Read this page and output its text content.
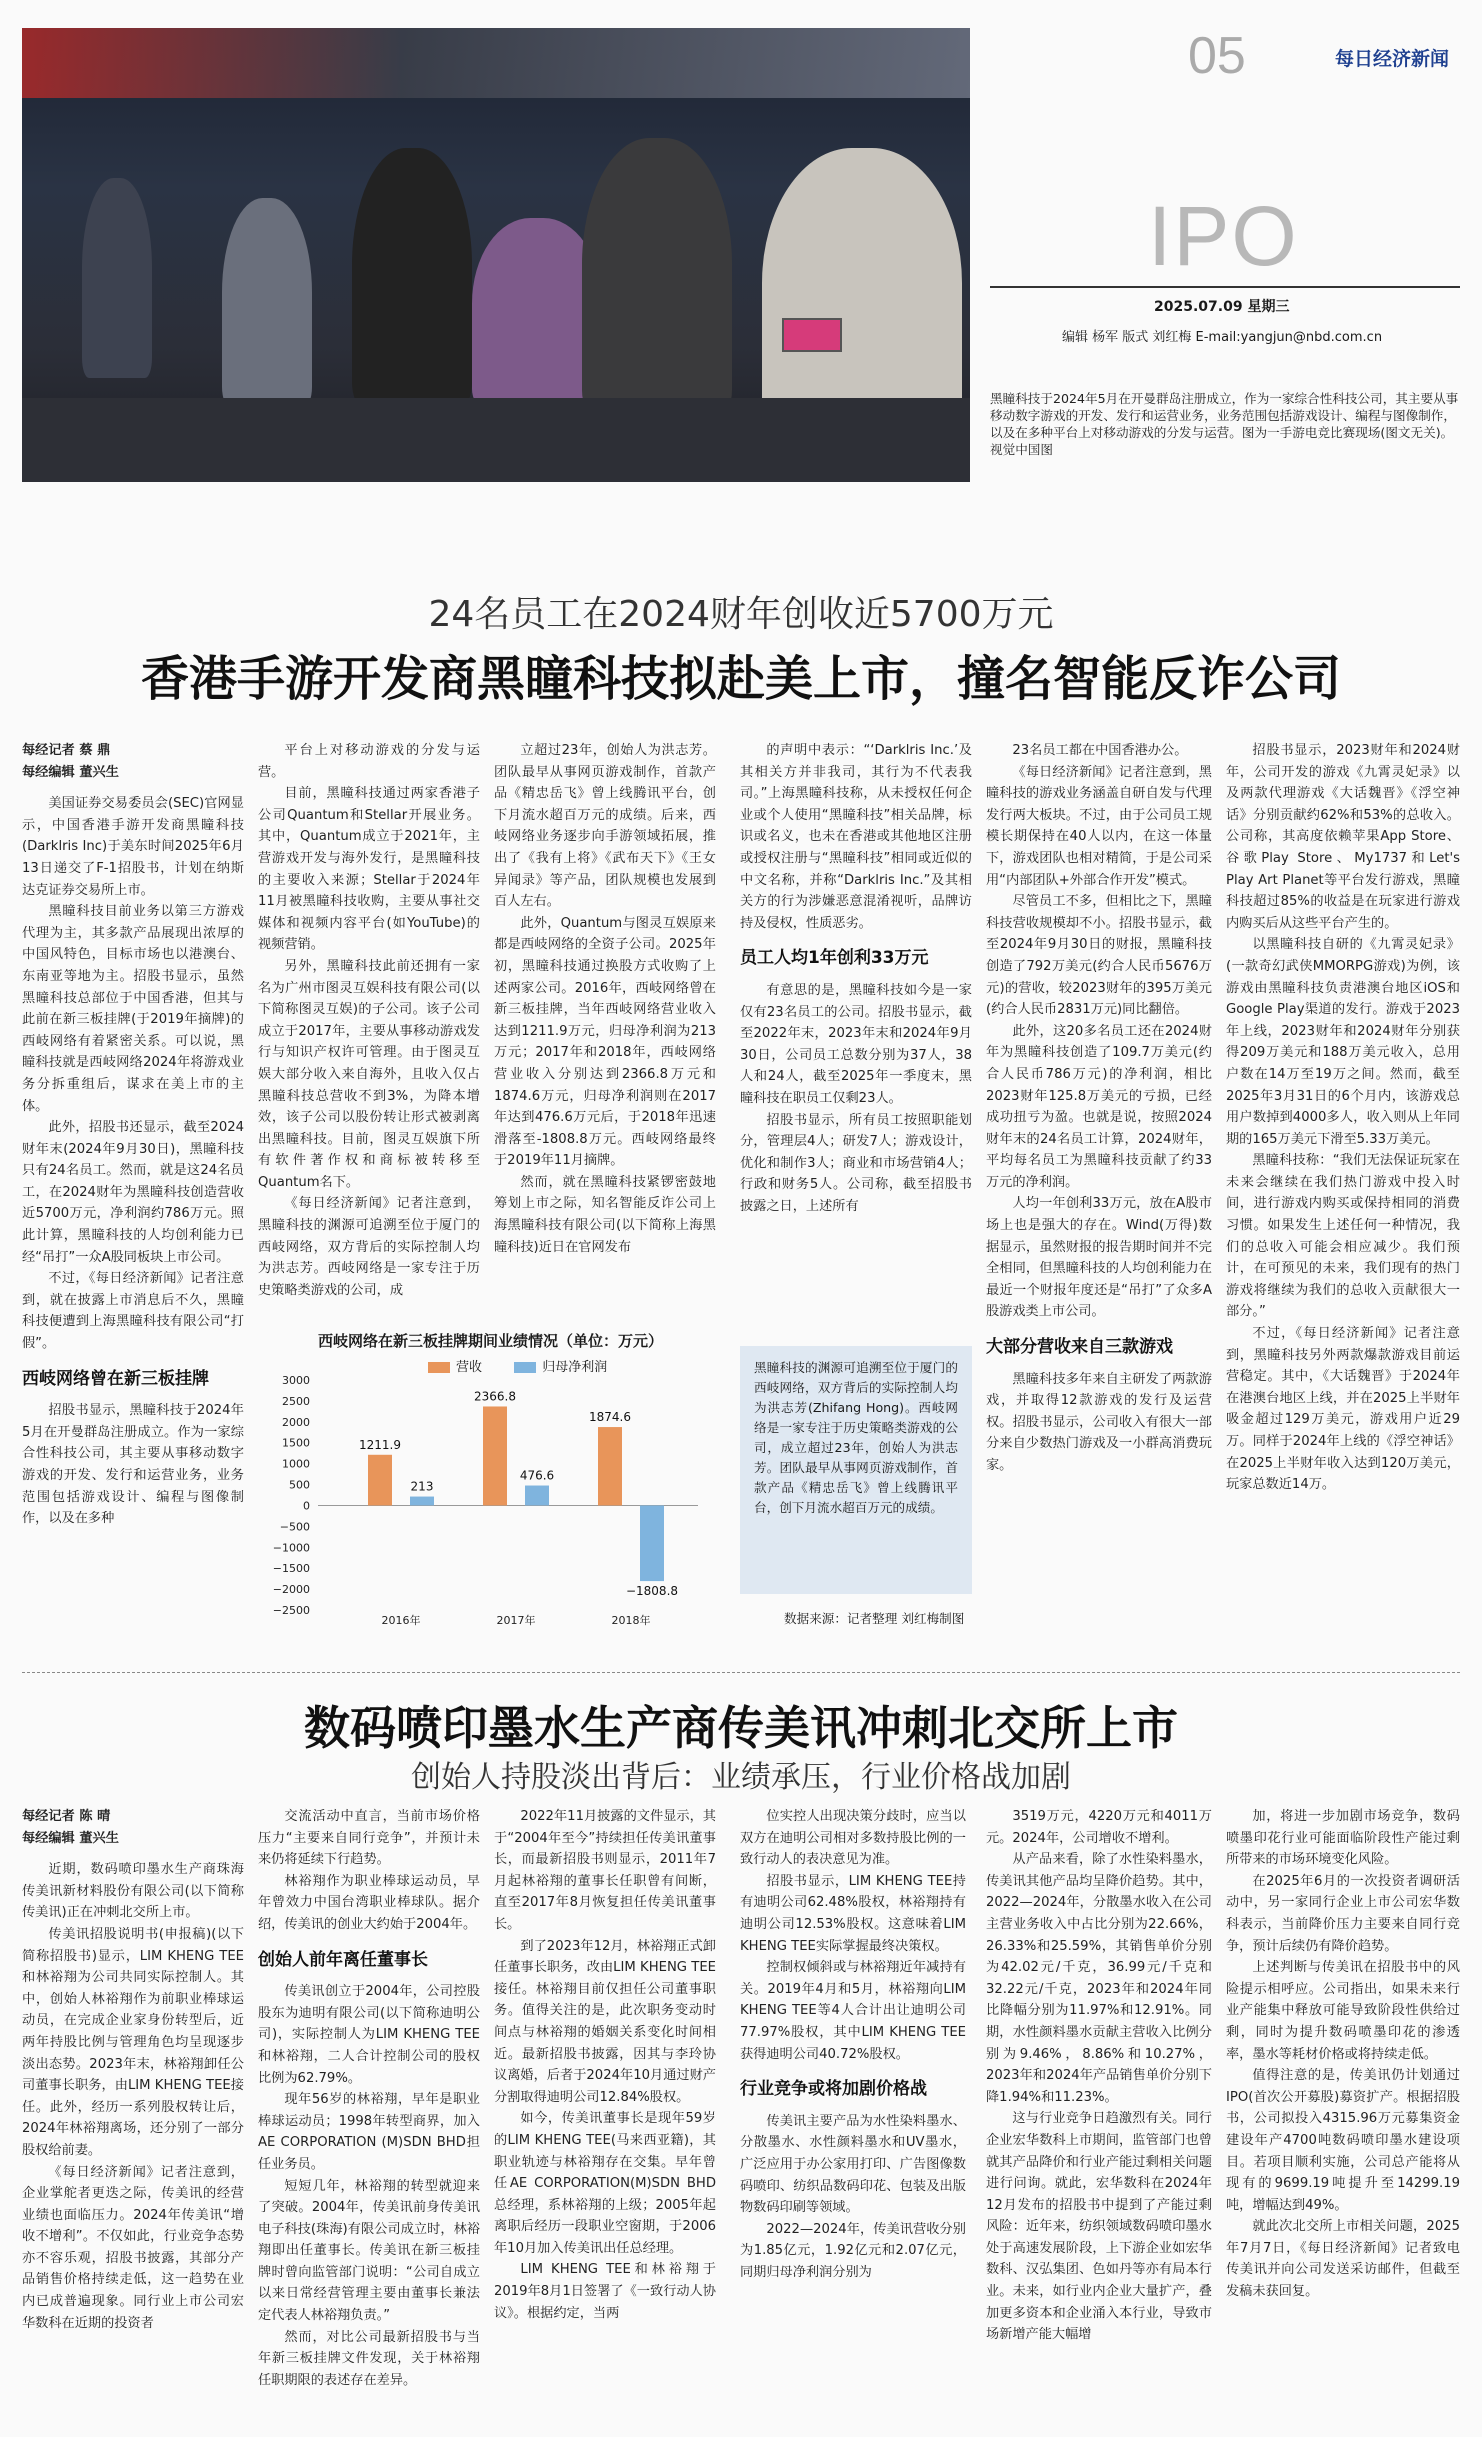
05	每日经济新闻
IPO
2025.07.09 星期三
编辑 杨军 版式 刘红梅 E-mail:yangjun@nbd.com.cn
黑瞳科技于2024年5月在开曼群岛注册成立，作为一家综合性科技公司，其主要从事移动数字游戏的开发、发行和运营业务，业务范围包括游戏设计、编程与图像制作，以及在多种平台上对移动游戏的分发与运营。图为一手游电竞比赛现场(图文无关)。 视觉中国图
24名员工在2024财年创收近5700万元
香港手游开发商黑瞳科技拟赴美上市，撞名智能反诈公司

每经记者 蔡 鼎

每经编辑 董兴生

美国证券交易委员会(SEC)官网显示，中国香港手游开发商黑瞳科技(Darklris Inc)于美东时间2025年6月13日递交了F-1招股书，计划在纳斯达克证券交易所上市。

黑瞳科技目前业务以第三方游戏代理为主，其多款产品展现出浓厚的中国风特色，目标市场也以港澳台、东南亚等地为主。招股书显示，虽然黑瞳科技总部位于中国香港，但其与此前在新三板挂牌(于2019年摘牌)的西岐网络有着紧密关系。可以说，黑瞳科技就是西岐网络2024年将游戏业务分拆重组后，谋求在美上市的主体。

此外，招股书还显示，截至2024财年末(2024年9月30日)，黑瞳科技只有24名员工。然而，就是这24名员工，在2024财年为黑瞳科技创造营收近5700万元，净利润约786万元。照此计算，黑瞳科技的人均创利能力已经“吊打”一众A股同板块上市公司。

不过，《每日经济新闻》记者注意到，就在披露上市消息后不久，黑瞳科技便遭到上海黑瞳科技有限公司“打假”。

西岐网络曾在新三板挂牌

招股书显示，黑瞳科技于2024年5月在开曼群岛注册成立。作为一家综合性科技公司，其主要从事移动数字游戏的开发、发行和运营业务，业务范围包括游戏设计、编程与图像制作，以及在多种

平台上对移动游戏的分发与运营。

目前，黑瞳科技通过两家香港子公司Quantum和Stellar开展业务。其中，Quantum成立于2021年，主营游戏开发与海外发行，是黑瞳科技的主要收入来源；Stellar于2024年11月被黑瞳科技收购，主要从事社交媒体和视频内容平台(如YouTube)的视频营销。

另外，黑瞳科技此前还拥有一家名为广州市图灵互娱科技有限公司(以下简称图灵互娱)的子公司。该子公司成立于2017年，主要从事移动游戏发行与知识产权许可管理。由于图灵互娱大部分收入来自海外，且收入仅占黑瞳科技总营收不到3%，为降本增效，该子公司以股份转让形式被剥离出黑瞳科技。目前，图灵互娱旗下所有软件著作权和商标被转移至Quantum名下。

《每日经济新闻》记者注意到，黑瞳科技的渊源可追溯至位于厦门的西岐网络，双方背后的实际控制人均为洪志芳。西岐网络是一家专注于历史策略类游戏的公司，成

立超过23年，创始人为洪志芳。团队最早从事网页游戏制作，首款产品《精忠岳飞》曾上线腾讯平台，创下月流水超百万元的成绩。后来，西岐网络业务逐步向手游领域拓展，推出了《我有上将》《武布天下》《王女异闻录》等产品，团队规模也发展到百人左右。

此外，Quantum与图灵互娱原来都是西岐网络的全资子公司。2025年初，黑瞳科技通过换股方式收购了上述两家公司。2016年，西岐网络曾在新三板挂牌，当年西岐网络营业收入达到1211.9万元，归母净利润为213万元；2017年和2018年，西岐网络营业收入分别达到2366.8万元和1874.6万元，归母净利润则在2017年达到476.6万元后，于2018年迅速滑落至-1808.8万元。西岐网络最终于2019年11月摘牌。

然而，就在黑瞳科技紧锣密鼓地筹划上市之际，知名智能反诈公司上海黑瞳科技有限公司(以下简称上海黑瞳科技)近日在官网发布

的声明中表示：“‘Darklris Inc.’及其相关方并非我司，其行为不代表我司。”上海黑瞳科技称，从未授权任何企业或个人使用“黑瞳科技”相关品牌，标识或名义，也未在香港或其他地区注册或授权注册与“黑瞳科技”相同或近似的中文名称，并称“Darklris Inc.”及其相关方的行为涉嫌恶意混淆视听，品牌访持及侵权，性质恶劣。

员工人均1年创利33万元

有意思的是，黑瞳科技如今是一家仅有23名员工的公司。招股书显示，截至2022年末，2023年末和2024年9月30日，公司员工总数分别为37人，38人和24人，截至2025年一季度末，黑瞳科技在职员工仅剩23人。

招股书显示，所有员工按照职能划分，管理层4人；研发7人；游戏设计，优化和制作3人；商业和市场营销4人；行政和财务5人。公司称，截至招股书披露之日，上述所有

23名员工都在中国香港办公。

《每日经济新闻》记者注意到，黑瞳科技的游戏业务涵盖自研自发与代理发行两大板块。不过，由于公司员工规模长期保持在40人以内，在这一体量下，游戏团队也相对精简，于是公司采用“内部团队+外部合作开发”模式。

尽管员工不多，但相比之下，黑瞳科技营收规模却不小。招股书显示，截至2024年9月30日的财报，黑瞳科技创造了792万美元(约合人民币5676万元)的营收，较2023财年的395万美元(约合人民币2831万元)同比翻倍。

此外，这20多名员工还在2024财年为黑瞳科技创造了109.7万美元(约合人民币786万元)的净利润，相比2023财年125.8万美元的亏损，已经成功扭亏为盈。也就是说，按照2024财年末的24名员工计算，2024财年，平均每名员工为黑瞳科技贡献了约33万元的净利润。

人均一年创利33万元，放在A股市场上也是强大的存在。Wind(万得)数据显示，虽然财报的报告期时间并不完全相同，但黑瞳科技的人均创利能力在最近一个财报年度还是“吊打”了众多A股游戏类上市公司。

大部分营收来自三款游戏

黑瞳科技多年来自主研发了两款游戏，并取得12款游戏的发行及运营权。招股书显示，公司收入有很大一部分来自少数热门游戏及一小群高消费玩家。

招股书显示，2023财年和2024财年，公司开发的游戏《九霄灵妃录》以及两款代理游戏《大话魏晋》《浮空神话》分别贡献约62%和53%的总收入。公司称，其高度依赖苹果App Store、谷歌Play Store、My1737和Let's Play Art Planet等平台发行游戏，黑瞳科技超过85%的收益是在玩家进行游戏内购买后从这些平台产生的。

以黑瞳科技自研的《九霄灵妃录》(一款奇幻武侠MMORPG游戏)为例，该游戏由黑瞳科技负责港澳台地区iOS和Google Play渠道的发行。游戏于2023年上线，2023财年和2024财年分别获得209万美元和188万美元收入，总用户数在14万至19万之间。然而，截至2025年3月31日的6个月内，该游戏总用户数掉到4000多人，收入则从上年同期的165万美元下滑至5.33万美元。

黑瞳科技称：“我们无法保证玩家在未来会继续在我们热门游戏中投入时间，进行游戏内购买或保持相同的消费习惯。如果发生上述任何一种情况，我们的总收入可能会相应减少。我们预计，在可预见的未来，我们现有的热门游戏将继续为我们的总收入贡献很大一部分。”

不过，《每日经济新闻》记者注意到，黑瞳科技另外两款爆款游戏目前运营稳定。其中，《大话魏晋》于2024年在港澳台地区上线，并在2025上半财年吸金超过129万美元，游戏用户近29万。同样于2024年上线的《浮空神话》在2025上半财年收入达到120万美元，玩家总数近14万。

西岐网络在新三板挂牌期间业绩情况（单位：万元）
营收	归母净利润
3000
2500
2000
1500
1000
500
0
−500
−1000
−1500
−2000
−2500
1211.9
213
2016年
2366.8
476.6
2017年
1874.6
−1808.8
2018年
黑瞳科技的渊源可追溯至位于厦门的西岐网络，双方背后的实际控制人均为洪志芳(Zhifang Hong)。西岐网络是一家专注于历史策略类游戏的公司，成立超过23年，创始人为洪志芳。团队最早从事网页游戏制作，首款产品《精忠岳飞》曾上线腾讯平台，创下月流水超百万元的成绩。
数据来源：记者整理 刘红梅制图
数码喷印墨水生产商传美讯冲刺北交所上市
创始人持股淡出背后：业绩承压，行业价格战加剧

每经记者 陈 晴

每经编辑 董兴生

近期，数码喷印墨水生产商珠海传美讯新材料股份有限公司(以下简称传美讯)正在冲刺北交所上市。

传美讯招股说明书(申报稿)(以下简称招股书)显示，LIM KHENG TEE和林裕翔为公司共同实际控制人。其中，创始人林裕翔作为前职业棒球运动员，在完成企业家身份转型后，近两年持股比例与管理角色均呈现逐步淡出态势。2023年末，林裕翔卸任公司董事长职务，由LIM KHENG TEE接任。此外，经历一系列股权转让后，2024年林裕翔离场，还分别了一部分股权给前妻。

《每日经济新闻》记者注意到，企业掌舵者更迭之际，传美讯的经营业绩也面临压力。2024年传美讯“增收不增利”。不仅如此，行业竞争态势亦不容乐观，招股书披露，其部分产品销售价格持续走低，这一趋势在业内已成普遍现象。同行业上市公司宏华数科在近期的投资者

交流活动中直言，当前市场价格压力“主要来自同行竞争”，并预计未来仍将延续下行趋势。

林裕翔作为职业棒球运动员，早年曾效力中国台湾职业棒球队。据介绍，传美讯的创业大约始于2004年。

创始人前年离任董事长

传美讯创立于2004年，公司控股股东为迪明有限公司(以下简称迪明公司)，实际控制人为LIM KHENG TEE和林裕翔，二人合计控制公司的股权比例为62.79%。

现年56岁的林裕翔，早年是职业棒球运动员；1998年转型商界，加入AE CORPORATION (M)SDN BHD担任业务员。

短短几年，林裕翔的转型就迎来了突破。2004年，传美讯前身传美讯电子科技(珠海)有限公司成立时，林裕翔即出任董事长。传美讯在新三板挂牌时曾向监管部门说明：“公司自成立以来日常经营管理主要由董事长兼法定代表人林裕翔负责。”

然而，对比公司最新招股书与当年新三板挂牌文件发现，关于林裕翔任职期限的表述存在差异。

2022年11月披露的文件显示，其于“2004年至今”持续担任传美讯董事长，而最新招股书则显示，2011年7月起林裕翔的董事长任职曾有间断，直至2017年8月恢复担任传美讯董事长。

到了2023年12月，林裕翔正式卸任董事长职务，改由LIM KHENG TEE接任。林裕翔目前仅担任公司董事职务。值得关注的是，此次职务变动时间点与林裕翔的婚姻关系变化时间相近。最新招股书披露，因其与李玲协议离婚，后者于2024年10月通过财产分割取得迪明公司12.84%股权。

如今，传美讯董事长是现年59岁的LIM KHENG TEE(马来西亚籍)，其职业轨迹与林裕翔存在交集。早年曾任AE CORPORATION(M)SDN BHD总经理，系林裕翔的上级；2005年起离职后经历一段职业空窗期，于2006年10月加入传美讯出任总经理。

LIM KHENG TEE和林裕翔于2019年8月1日签署了《一致行动人协议》。根据约定，当两

位实控人出现决策分歧时，应当以双方在迪明公司相对多数持股比例的一致行动人的表决意见为准。

招股书显示，LIM KHENG TEE持有迪明公司62.48%股权，林裕翔持有迪明公司12.53%股权。这意味着LIM KHENG TEE实际掌握最终决策权。

控制权倾斜或与林裕翔近年减持有关。2019年4月和5月，林裕翔向LIM KHENG TEE等4人合计出让迪明公司77.97%股权，其中LIM KHENG TEE获得迪明公司40.72%股权。

行业竞争或将加剧价格战

传美讯主要产品为水性染料墨水、分散墨水、水性颜料墨水和UV墨水，广泛应用于办公家用打印、广告图像数码喷印、纺织品数码印花、包装及出版物数码印刷等领域。

2022—2024年，传美讯营收分别为1.85亿元，1.92亿元和2.07亿元，同期归母净利润分别为

3519万元，4220万元和4011万元。2024年，公司增收不增利。

从产品来看，除了水性染料墨水，传美讯其他产品均呈降价趋势。其中，2022—2024年，分散墨水收入在公司主营业务收入中占比分别为22.66%，26.33%和25.59%，其销售单价分别为42.02元/千克，36.99元/千克和32.22元/千克，2023年和2024年同比降幅分别为11.97%和12.91%。同期，水性颜料墨水贡献主营收入比例分别为9.46%，8.86%和10.27%，2023年和2024年产品销售单价分别下降1.94%和11.23%。

这与行业竞争日趋激烈有关。同行企业宏华数科上市期间，监管部门也曾就其产品降价和行业产能过剩相关问题进行问询。就此，宏华数科在2024年12月发布的招股书中提到了产能过剩风险：近年来，纺织领域数码喷印墨水处于高速发展阶段，上下游企业如宏华数科、汉弘集团、色如丹等亦有局本行业。未来，如行业内企业大量扩产，叠加更多资本和企业涌入本行业，导致市场新增产能大幅增

加，将进一步加剧市场竞争，数码喷墨印花行业可能面临阶段性产能过剩所带来的市场环境变化风险。

在2025年6月的一次投资者调研活动中，另一家同行企业上市公司宏华数科表示，当前降价压力主要来自同行竞争，预计后续仍有降价趋势。

上述判断与传美讯在招股书中的风险提示相呼应。公司指出，如果未来行业产能集中释放可能导致阶段性供给过剩，同时为提升数码喷墨印花的渗透率，墨水等耗材价格或将持续走低。

值得注意的是，传美讯仍计划通过IPO(首次公开募股)募资扩产。根据招股书，公司拟投入4315.96万元募集资金建设年产4700吨数码喷印墨水建设项目。若项目顺利实施，公司总产能将从现有的9699.19吨提升至14299.19吨，增幅达到49%。

就此次北交所上市相关问题，2025年7月7日，《每日经济新闻》记者致电传美讯并向公司发送采访邮件，但截至发稿未获回复。
